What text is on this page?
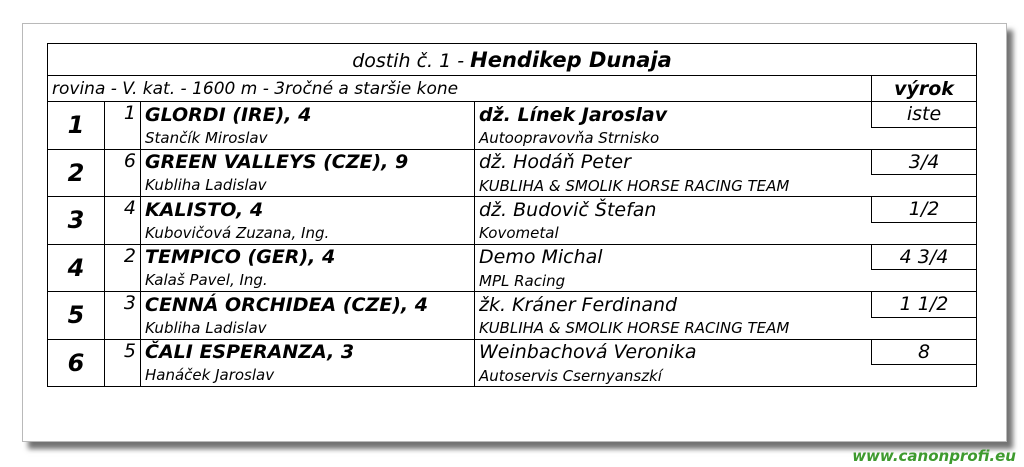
dostih č. 1 - Hendikep Dunaja				
rovina - V. kat. - 1600 m - 3ročné a staršie kone				výrok
1	1	GLORDI (IRE), 4	dž. Línek Jaroslav	iste
		Stančík Miroslav	Autoopravovňa Strnisko	
2	6	GREEN VALLEYS (CZE), 9	dž. Hodáň Peter	3/4
		Kubliha Ladislav	KUBLIHA & SMOLIK HORSE RACING TEAM	
3	4	KALISTO, 4	dž. Budovič Štefan	1/2
		Kubovičová Zuzana, Ing.	Kovometal	
4	2	TEMPICO (GER), 4	Demo Michal	4 3/4
		Kalaš Pavel, Ing.	MPL Racing	
5	3	CENNÁ ORCHIDEA (CZE), 4	žk. Kráner Ferdinand	1 1/2
		Kubliha Ladislav	KUBLIHA & SMOLIK HORSE RACING TEAM	
6	5	ČALI ESPERANZA, 3	Weinbachová Veronika	8
		Hanáček Jaroslav	Autoservis Csernyanszkí	
www.canonprofi.eu
